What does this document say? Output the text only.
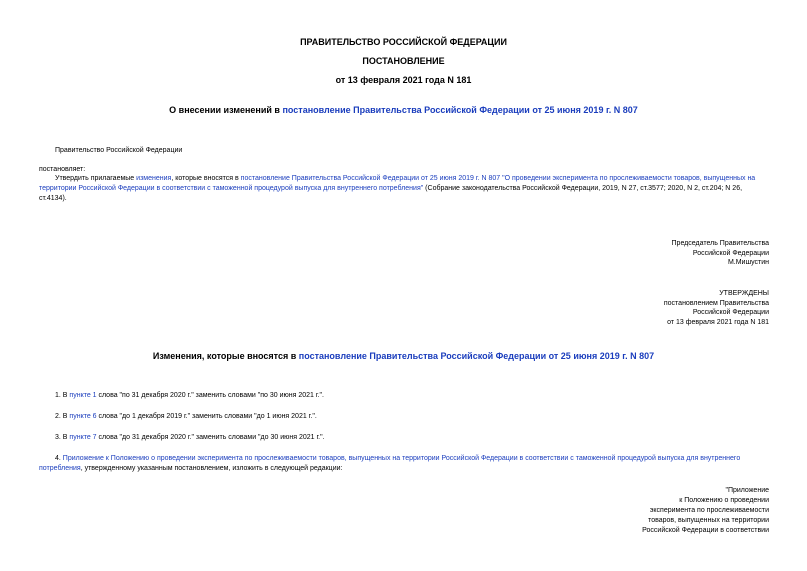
ПРАВИТЕЛЬСТВО РОССИЙСКОЙ ФЕДЕРАЦИИ
ПОСТАНОВЛЕНИЕ
от 13 февраля 2021 года N 181
О внесении изменений в постановление Правительства Российской Федерации от 25 июня 2019 г. N 807
Правительство Российской Федерации
постановляет:
Утвердить прилагаемые изменения, которые вносятся в постановление Правительства Российской Федерации от 25 июня 2019 г. N 807 "О проведении эксперимента по прослеживаемости товаров, выпущенных на территории Российской Федерации в соответствии с таможенной процедурой выпуска для внутреннего потребления" (Собрание законодательства Российской Федерации, 2019, N 27, ст.3577; 2020, N 2, ст.204; N 26, ст.4134).
Председатель Правительства
Российской Федерации
М.Мишустин
УТВЕРЖДЕНЫ
постановлением Правительства
Российской Федерации
от 13 февраля 2021 года N 181
Изменения, которые вносятся в постановление Правительства Российской Федерации от 25 июня 2019 г. N 807
1. В пункте 1 слова "по 31 декабря 2020 г." заменить словами "по 30 июня 2021 г.".
2. В пункте 6 слова "до 1 декабря 2019 г." заменить словами "до 1 июня 2021 г.".
3. В пункте 7 слова "до 31 декабря 2020 г." заменить словами "до 30 июня 2021 г.".
4. Приложение к Положению о проведении эксперимента по прослеживаемости товаров, выпущенных на территории Российской Федерации в соответствии с таможенной процедурой выпуска для внутреннего потребления, утвержденному указанным постановлением, изложить в следующей редакции:
"Приложение
к Положению о проведении
эксперимента по прослеживаемости
товаров, выпущенных на территории
Российской Федерации в соответствии
